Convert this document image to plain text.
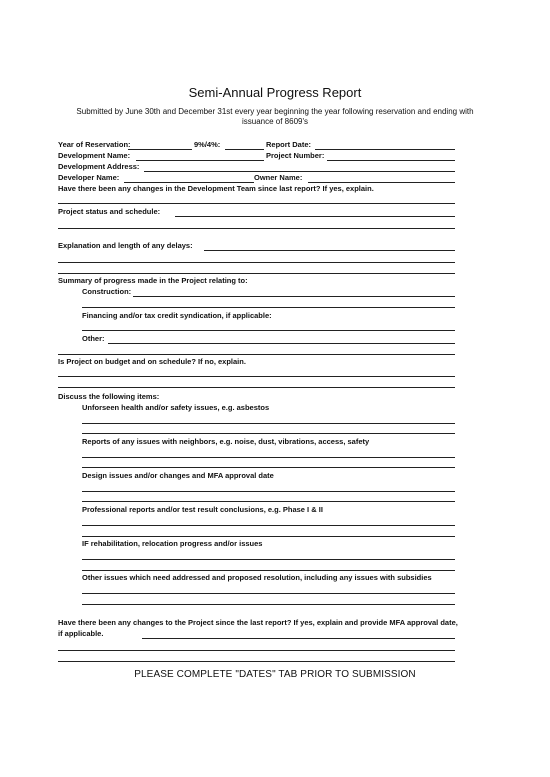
Semi-Annual Progress Report
Submitted by June 30th and December 31st every year beginning the year following reservation and ending with issuance of 8609's
Year of Reservation:	9%/4%:	Report Date:
Development Name:	Project Number:
Development Address:
Developer Name:	Owner Name:
Have there been any changes in the Development Team since last report? If yes, explain.
Project status and schedule:
Explanation and length of any delays:
Summary of progress made in the Project relating to:
Construction:
Financing and/or tax credit syndication, if applicable:
Other:
Is Project on budget and on schedule? If no, explain.
Discuss the following items:
Unforseen health and/or safety issues, e.g. asbestos
Reports of any issues with neighbors, e.g. noise, dust, vibrations, access, safety
Design issues and/or changes and MFA approval date
Professional reports and/or test result conclusions, e.g. Phase I & II
IF rehabilitation, relocation progress and/or issues
Other issues which need addressed and proposed resolution, including any issues with subsidies
Have there been any changes to the Project since the last report? If yes, explain and provide MFA approval date, if applicable.
PLEASE COMPLETE "DATES" TAB PRIOR TO SUBMISSION
